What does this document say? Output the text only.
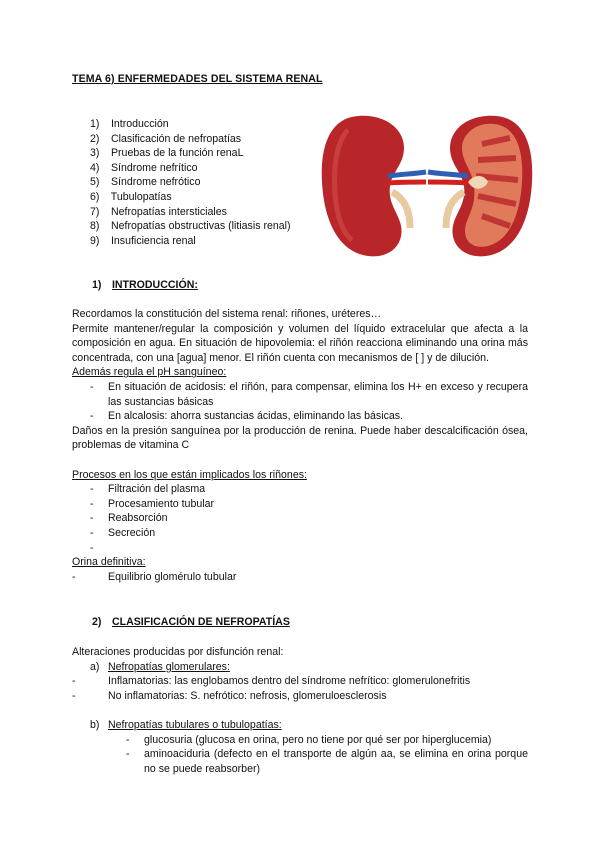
TEMA 6) ENFERMEDADES DEL SISTEMA RENAL
1) Introducción
2) Clasificación de nefropatías
3) Pruebas de la función renaL
4) Síndrome nefrítico
5) Síndrome nefrótico
6) Tubulopatías
7) Nefropatías intersticiales
8) Nefropatías obstructivas (litiasis renal)
9) Insuficiencia renal
1) INTRODUCCIÓN:
Recordamos la constitución del sistema renal: riñones, uréteres…
Permite mantener/regular la composición y volumen del líquido extracelular que afecta a la composición en agua. En situación de hipovolemia: el riñón reacciona eliminando una orina más concentrada, con una [agua] menor. El riñón cuenta con mecanismos de [ ] y de dilución.
Además regula el pH sanguíneo:
- En situación de acidosis: el riñón, para compensar, elimina los H+ en exceso y recupera las sustancias básicas
- En alcalosis: ahorra sustancias ácidas, eliminando las básicas.
Daños en la presión sanguínea por la producción de renina. Puede haber descalcificación ósea, problemas de vitamina C
Procesos en los que están implicados los riñones:
- Filtración del plasma
- Procesamiento tubular
- Reabsorción
- Secreción
-

Orina definitiva:
-	Equilibrio glomérulo tubular
2) CLASIFICACIÓN DE NEFROPATÍAS
Alteraciones producidas por disfunción renal:
a) Nefropatías glomerulares:
-	Inflamatorias: las englobamos dentro del síndrome nefrítico: glomerulonefritis
-	No inflamatorias: S. nefrótico: nefrosis, glomeruloesclerosis
b) Nefropatías tubulares o tubulopatías:
- glucosuria (glucosa en orina, pero no tiene por qué ser por hiperglucemia)
- aminoaciduria (defecto en el transporte de algún aa, se elimina en orina porque no se puede reabsorber)
